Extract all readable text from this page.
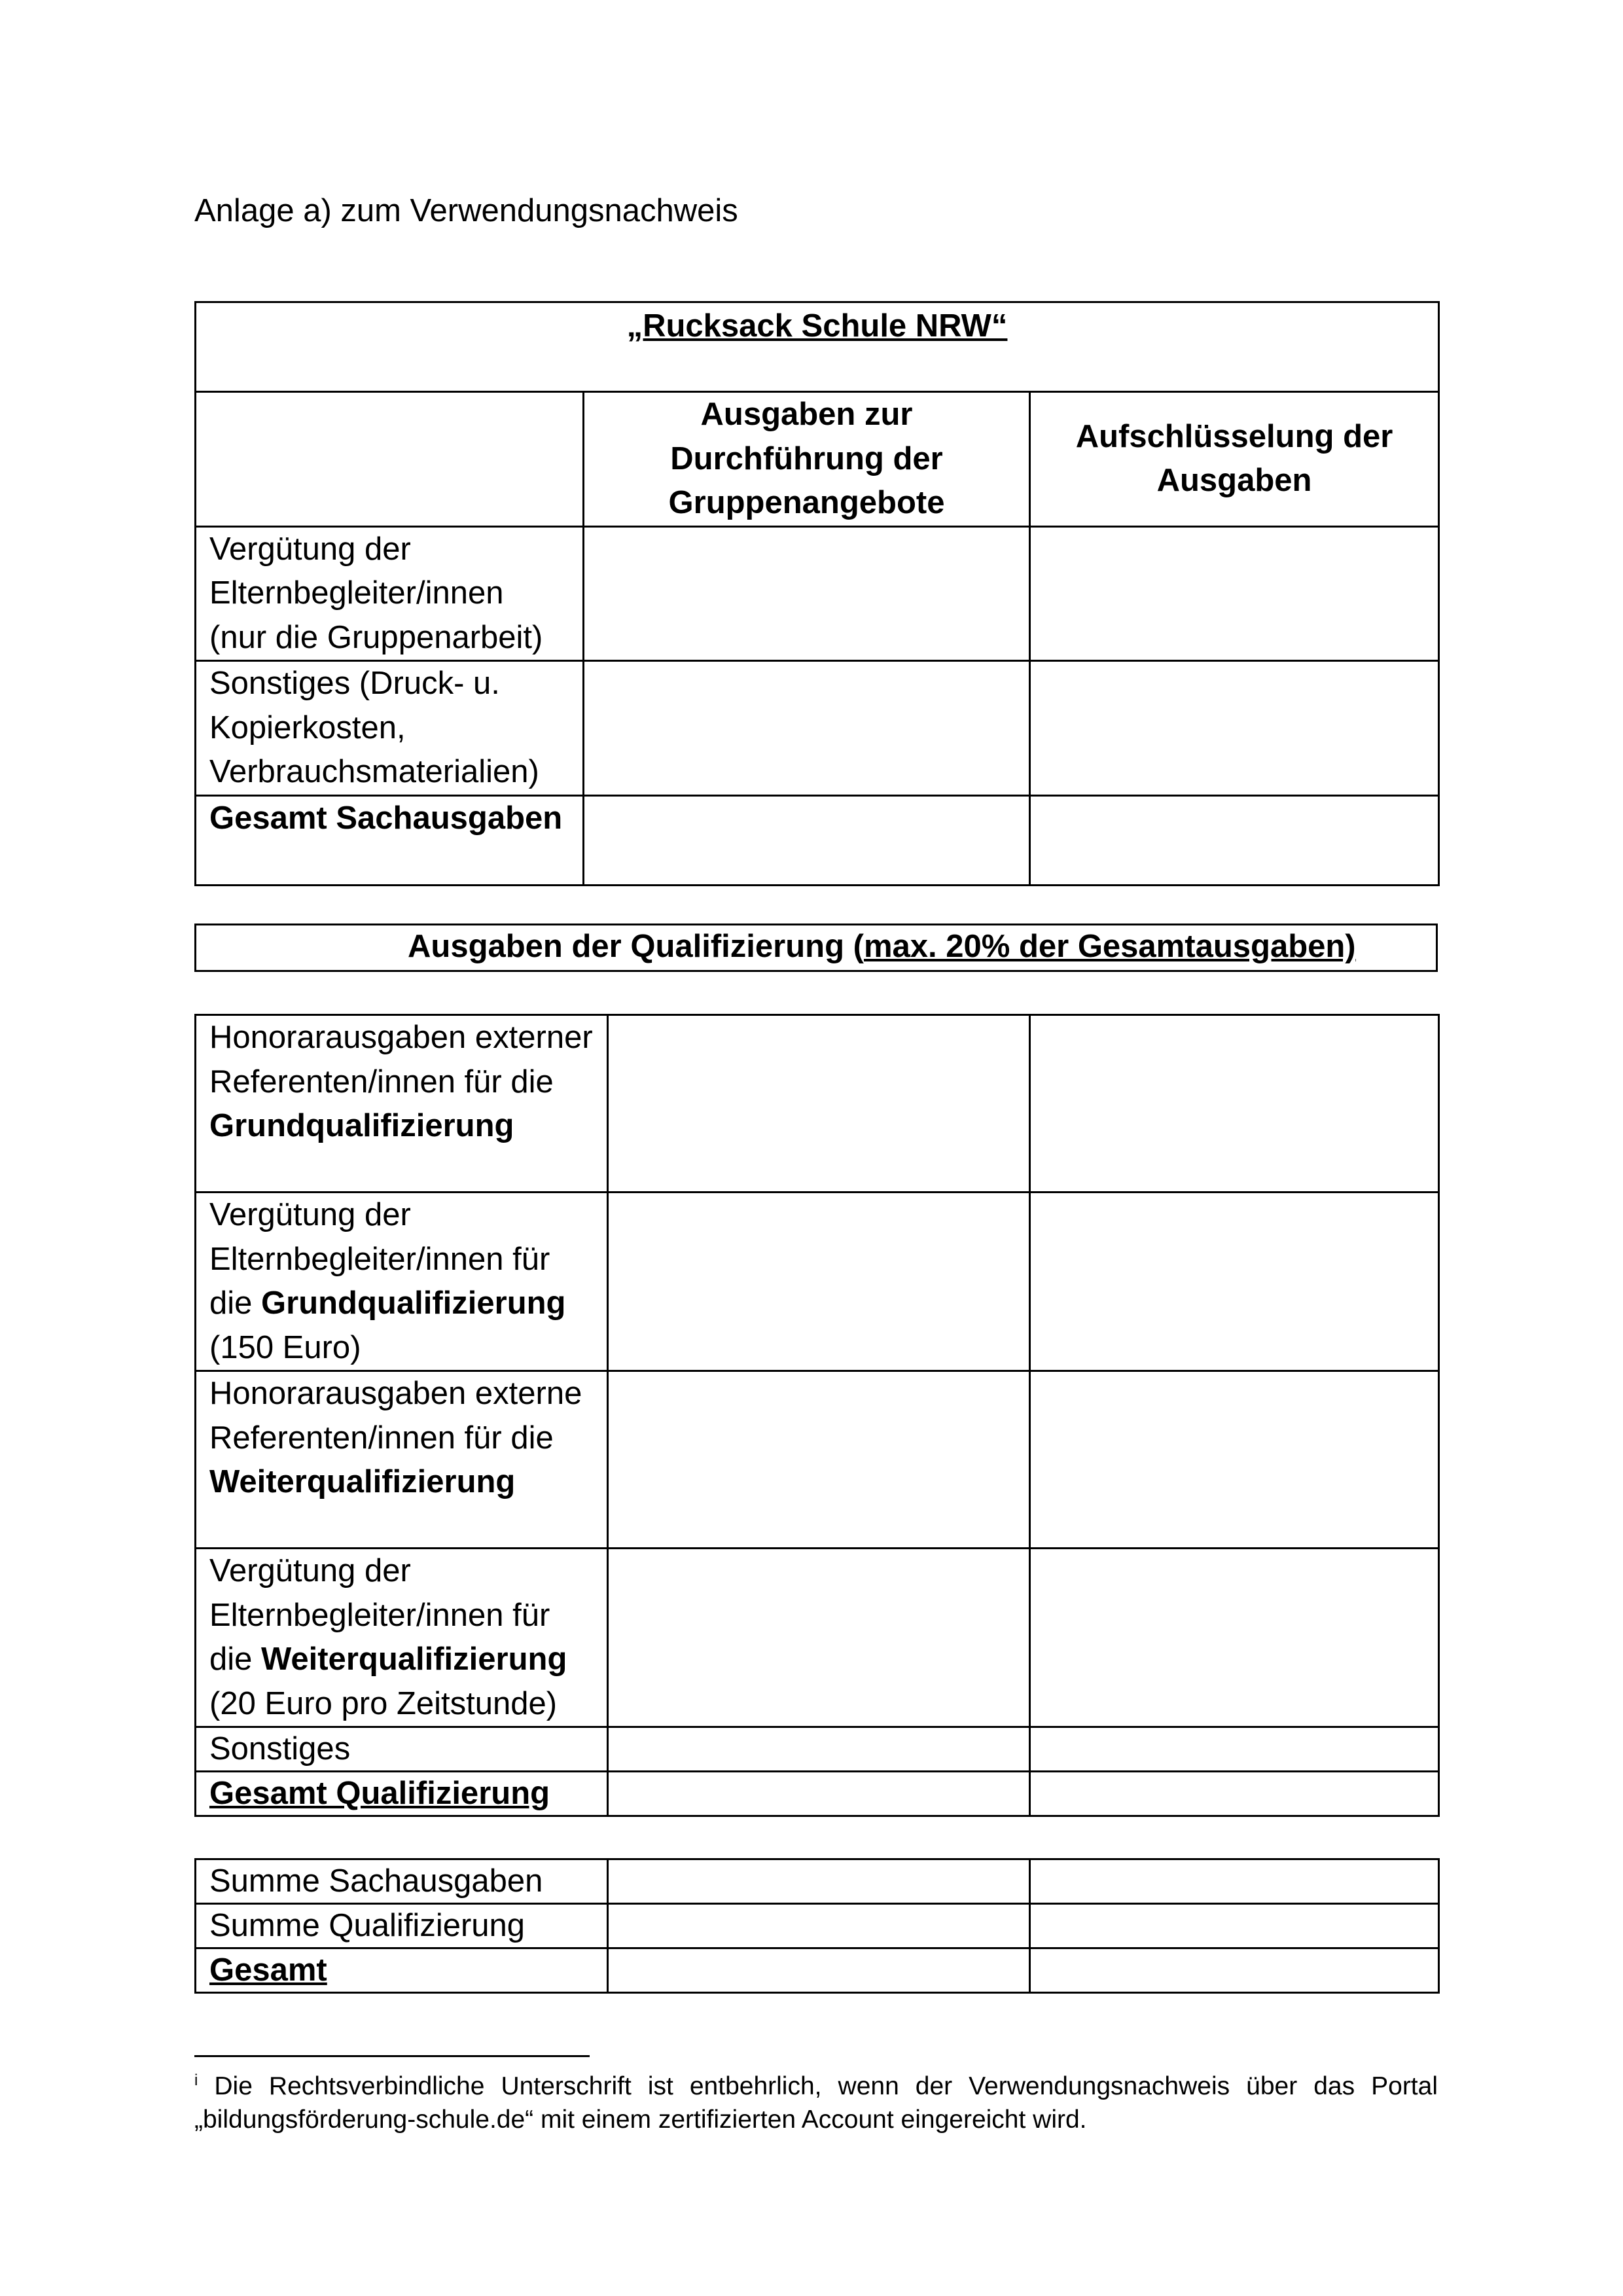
Anlage a) zum Verwendungsnachweis
„Rucksack Schule NRW“		
	Ausgaben zur Durchführung der Gruppenangebote	Aufschlüsselung der Ausgaben
Vergütung der Elternbegleiter/innen (nur die Gruppenarbeit)		
Sonstiges (Druck- u. Kopierkosten, Verbrauchsmaterialien)		
Gesamt Sachausgaben		
Ausgaben der Qualifizierung (max. 20% der Gesamtausgaben)
Honorarausgaben externer Referenten/innen für die Grundqualifizierung		
Vergütung der Elternbegleiter/innen für die Grundqualifizierung (150 Euro)		
Honorarausgaben externe Referenten/innen für die Weiterqualifizierung		
Vergütung der Elternbegleiter/innen für die Weiterqualifizierung (20 Euro pro Zeitstunde)		
Sonstiges		
Gesamt Qualifizierung		
Summe Sachausgaben		
Summe Qualifizierung		
Gesamt		
$^i$ Die Rechtsverbindliche Unterschrift ist entbehrlich, wenn der Verwendungsnachweis über das Portal „bildungsförderung-schule.de“ mit einem zertifizierten Account eingereicht wird.
